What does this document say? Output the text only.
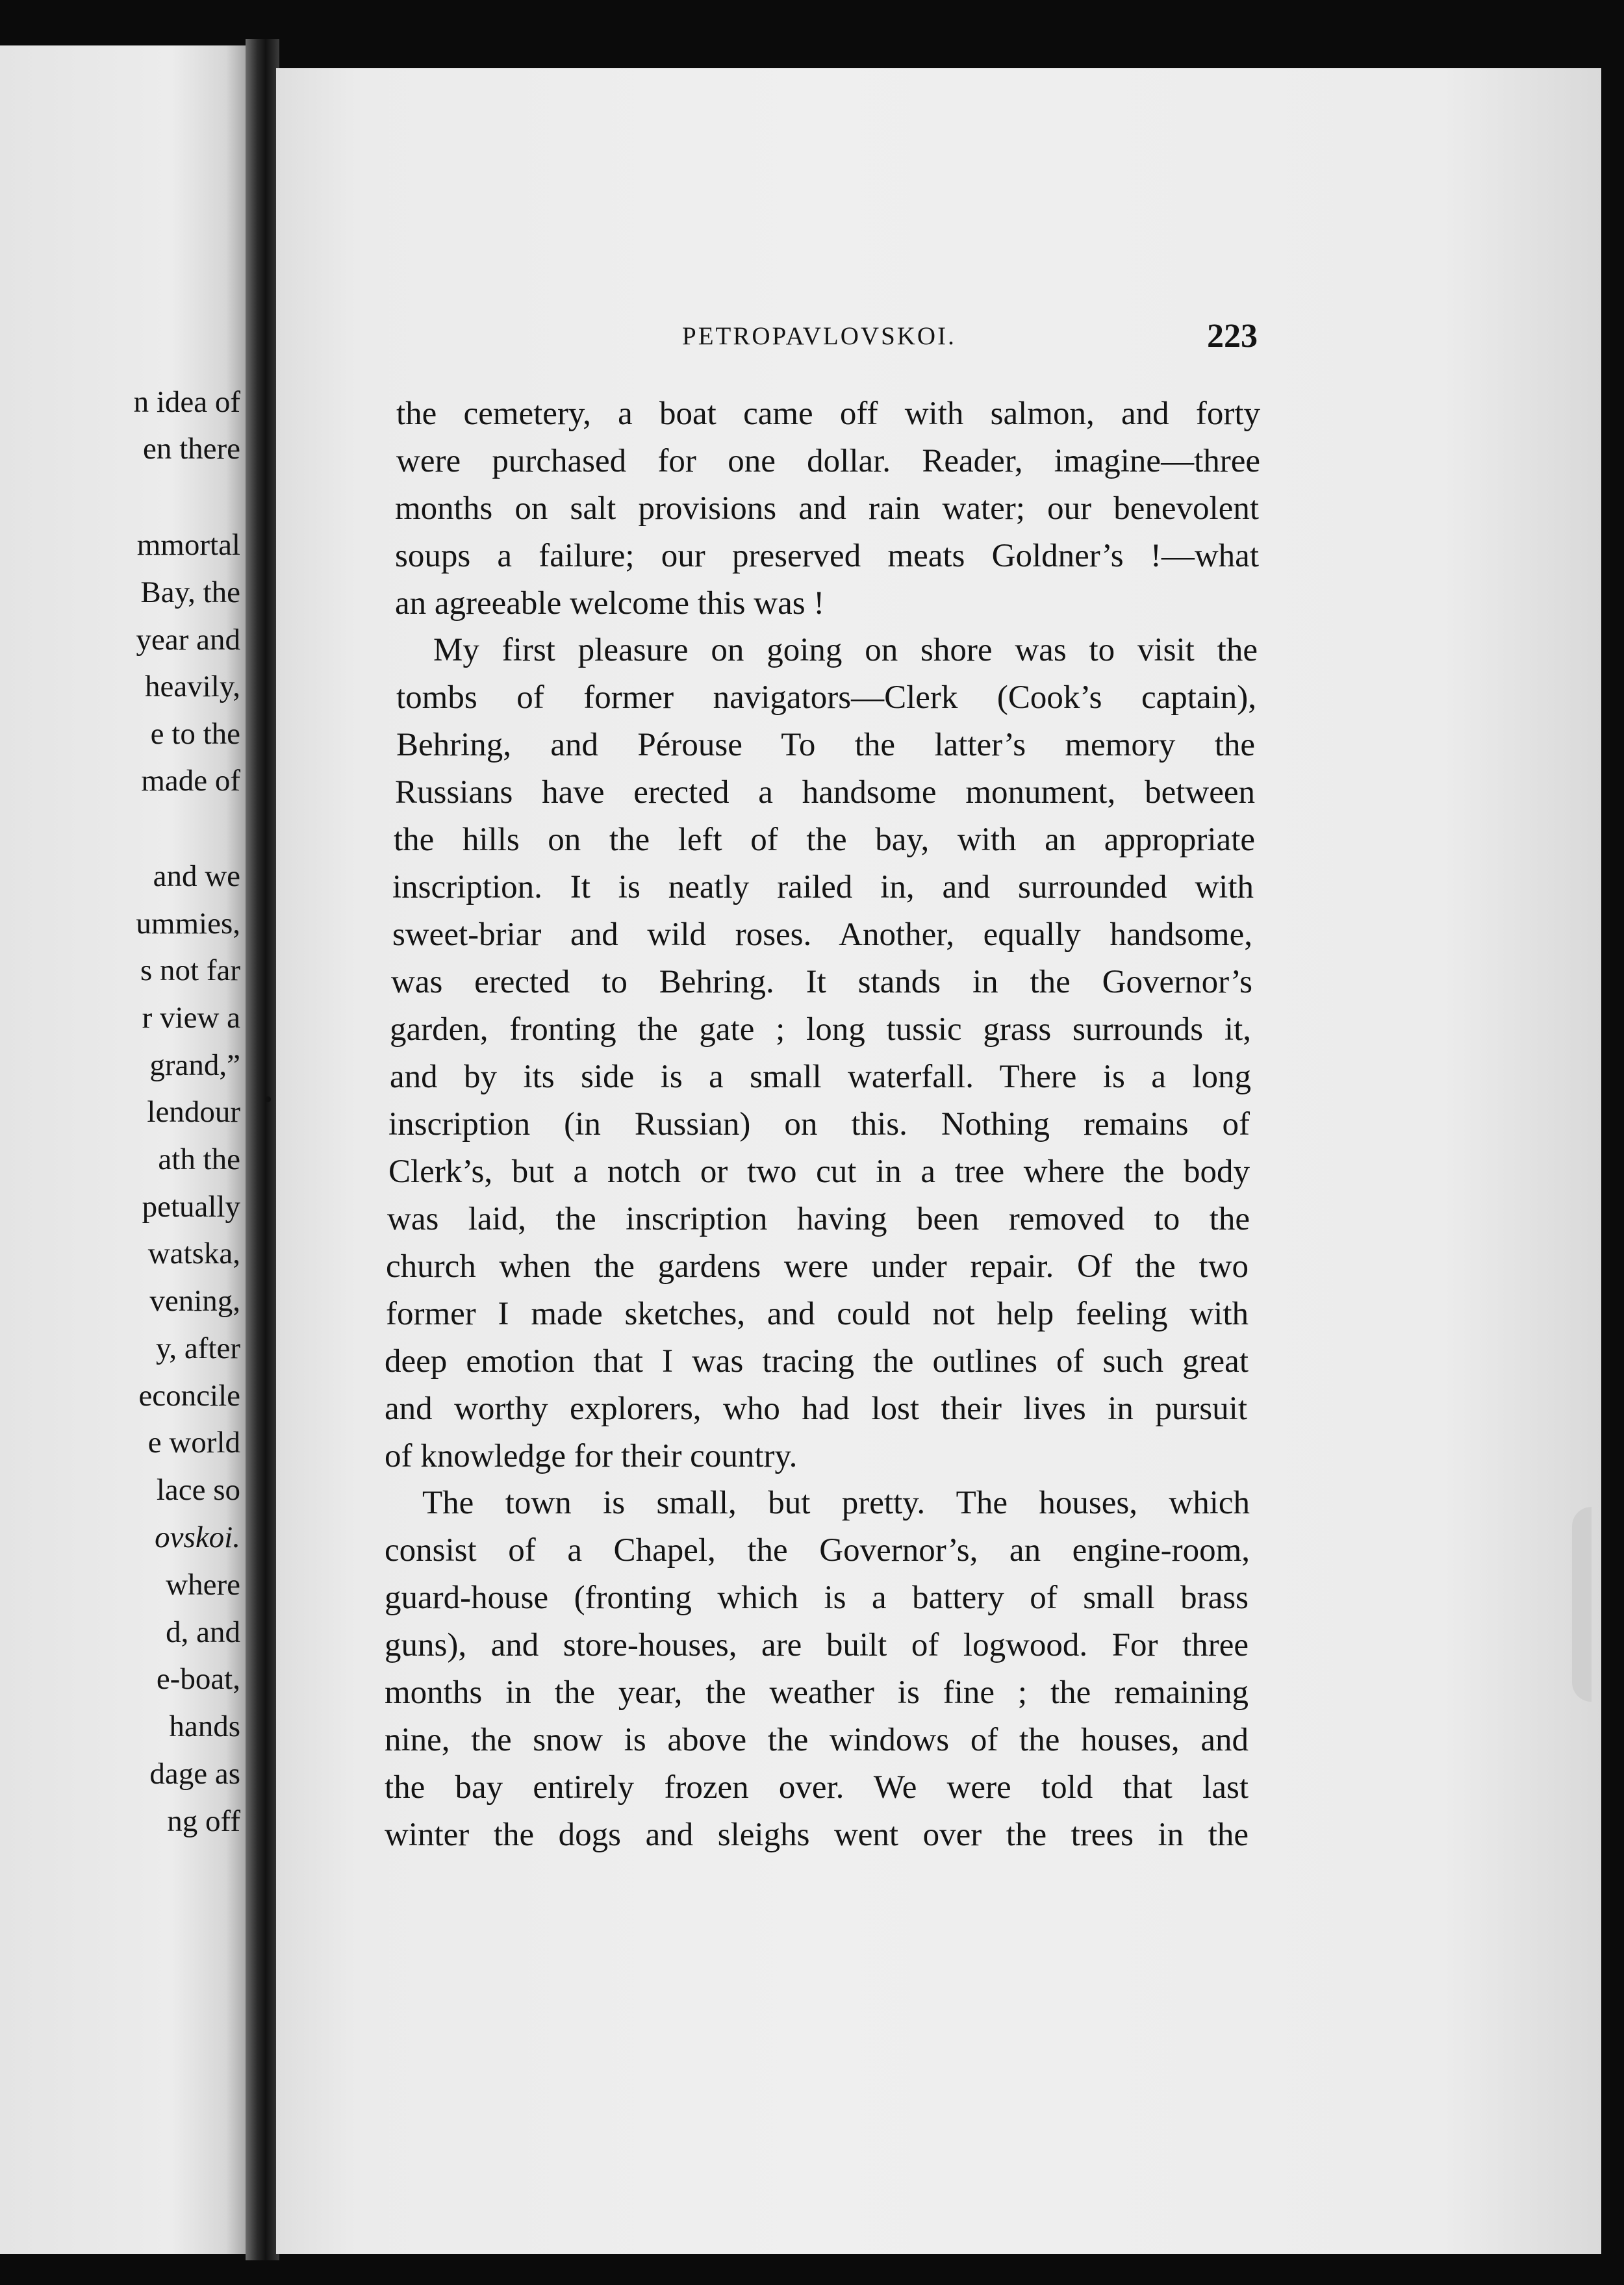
n idea of
en there
mmortal
Bay, the
year and
heavily,
e to the
made of
and we
ummies,
s not far
r view a
grand,”
lendour
ath the
petually
watska,
vening,
y, after
econcile
e world
lace so
ovskoi.
where
d, and
e-boat,
hands
dage as
ng off
PETROPAVLOVSKOI.	223
the cemetery, a boat came off with salmon, and forty
were purchased for one dollar. Reader, imagine—three
months on salt provisions and rain water; our benevolent
soups a failure; our preserved meats Goldner’s !—what
an agreeable welcome this was !
My first pleasure on going on shore was to visit the
tombs of former navigators—Clerk (Cook’s captain),
Behring, and Pérouse To the latter’s memory the
Russians have erected a handsome monument, between
the hills on the left of the bay, with an appropriate
inscription. It is neatly railed in, and surrounded with
sweet-briar and wild roses. Another, equally handsome,
was erected to Behring. It stands in the Governor’s
garden, fronting the gate ; long tussic grass surrounds it,
and by its side is a small waterfall. There is a long
inscription (in Russian) on this. Nothing remains of
Clerk’s, but a notch or two cut in a tree where the body
was laid, the inscription having been removed to the
church when the gardens were under repair. Of the two
former I made sketches, and could not help feeling with
deep emotion that I was tracing the outlines of such great
and worthy explorers, who had lost their lives in pursuit
of knowledge for their country.
The town is small, but pretty. The houses, which
consist of a Chapel, the Governor’s, an engine-room,
guard-house (fronting which is a battery of small brass
guns), and store-houses, are built of logwood. For three
months in the year, the weather is fine ; the remaining
nine, the snow is above the windows of the houses, and
the bay entirely frozen over. We were told that last
winter the dogs and sleighs went over the trees in the
